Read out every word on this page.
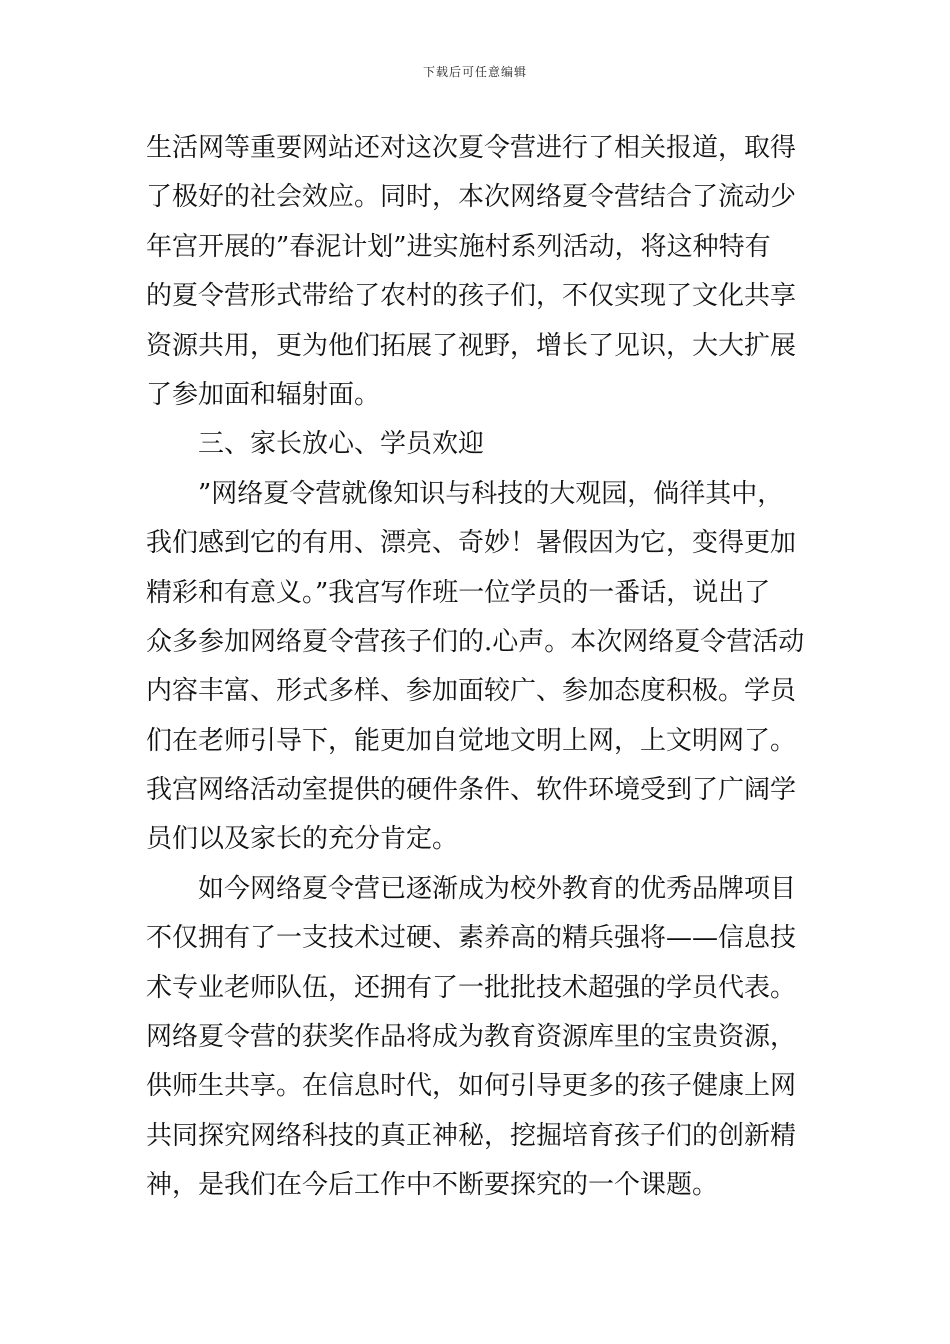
下载后可任意编辑
生活网等重要网站还对这次夏令营进行了相关报道，取得
了极好的社会效应。同时，本次网络夏令营结合了流动少
年宫开展的”春泥计划”进实施村系列活动，将这种特有
的夏令营形式带给了农村的孩子们，不仅实现了文化共享
资源共用，更为他们拓展了视野，增长了见识，大大扩展
了参加面和辐射面。
三、家长放心、学员欢迎
”网络夏令营就像知识与科技的大观园，倘徉其中，
我们感到它的有用、漂亮、奇妙！暑假因为它，变得更加
精彩和有意义。”我宫写作班一位学员的一番话，说出了
众多参加网络夏令营孩子们的.心声。本次网络夏令营活动
内容丰富、形式多样、参加面较广、参加态度积极。学员
们在老师引导下，能更加自觉地文明上网，上文明网了。
我宫网络活动室提供的硬件条件、软件环境受到了广阔学
员们以及家长的充分肯定。
如今网络夏令营已逐渐成为校外教育的优秀品牌项目
不仅拥有了一支技术过硬、素养高的精兵强将——信息技
术专业老师队伍，还拥有了一批批技术超强的学员代表。
网络夏令营的获奖作品将成为教育资源库里的宝贵资源，
供师生共享。在信息时代，如何引导更多的孩子健康上网
共同探究网络科技的真正神秘，挖掘培育孩子们的创新精
神，是我们在今后工作中不断要探究的一个课题。
